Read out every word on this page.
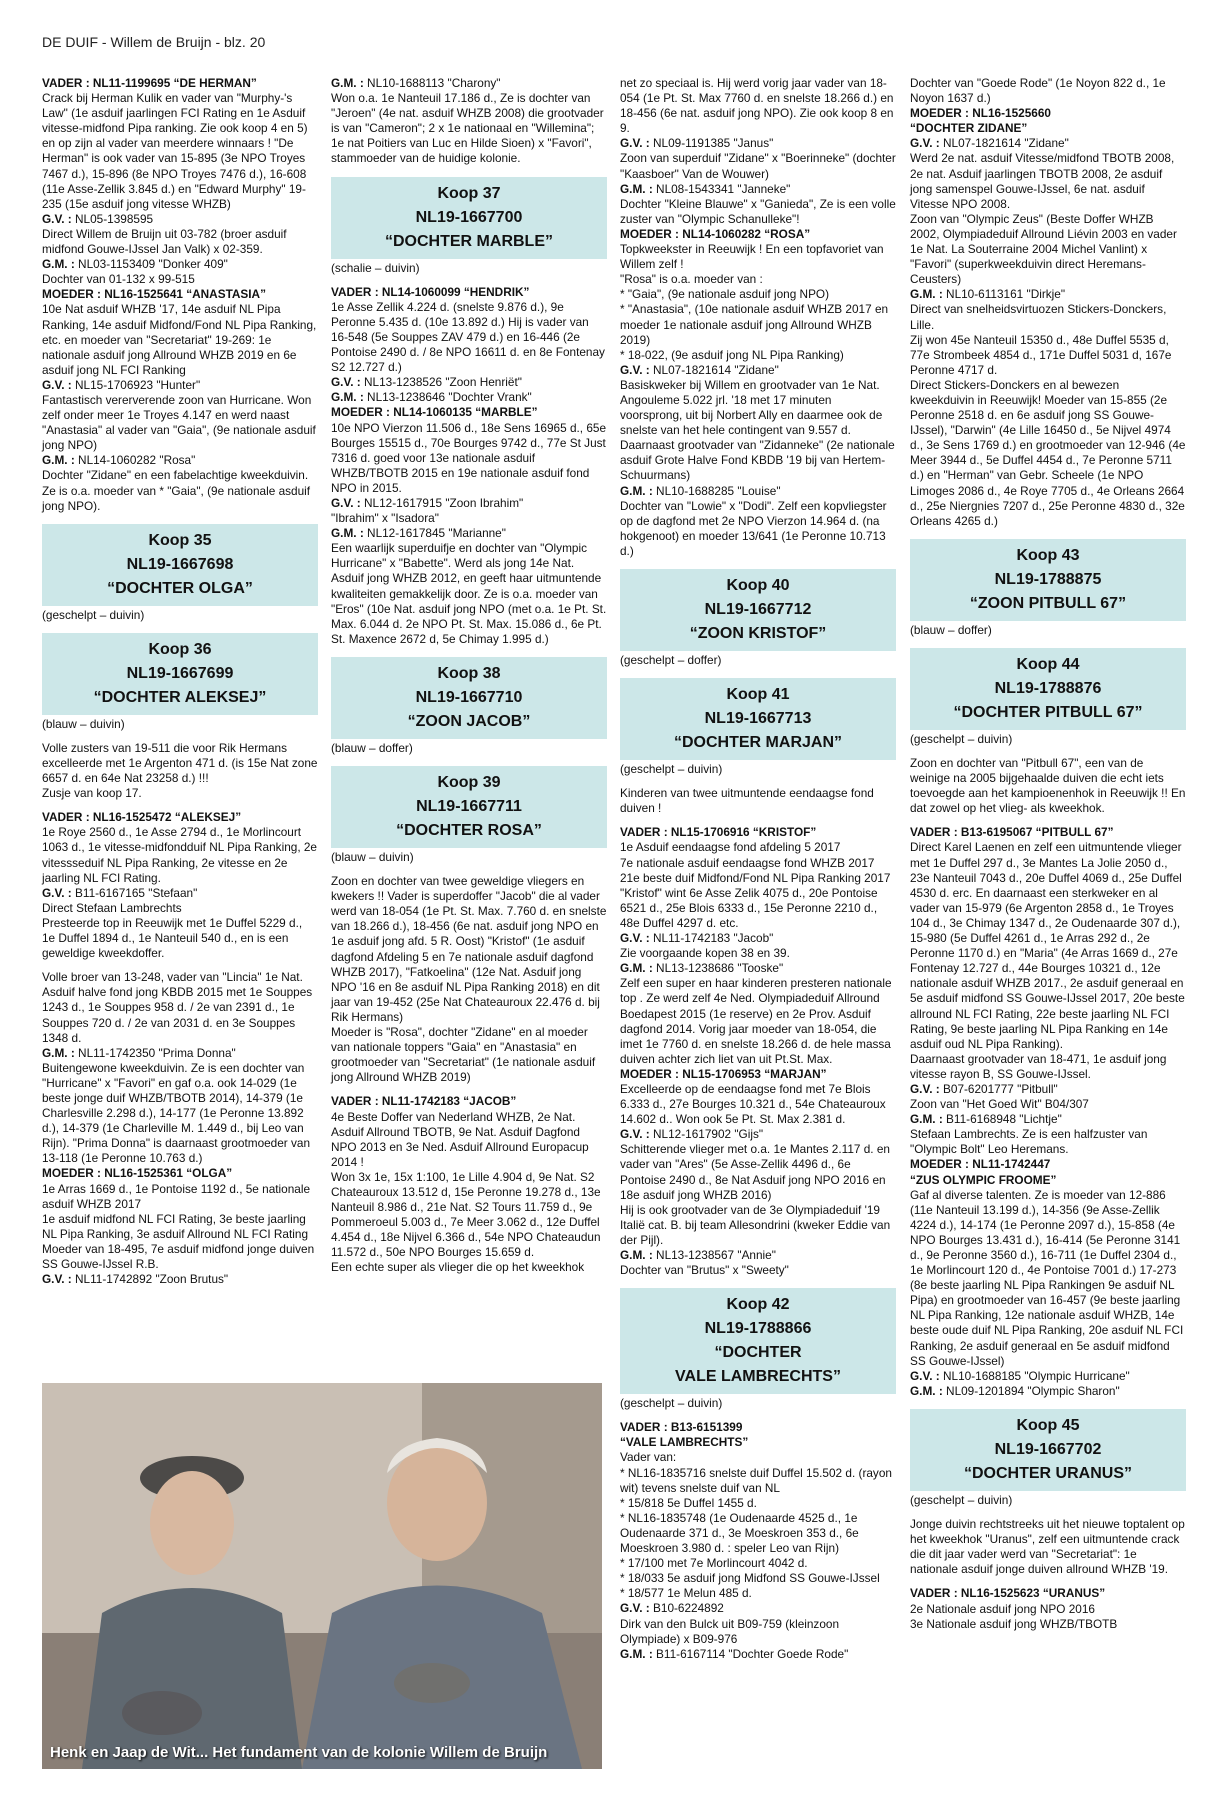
DE DUIF - Willem de Bruijn - blz. 20

VADER : NL11-1199695 “DE HERMAN”

Crack bij Herman Kulik en vader van "Murphy-'s Law" (1e asduif jaarlingen FCI Rating en 1e Asduif vitesse-midfond Pipa ranking. Zie ook koop 4 en 5) en op zijn al vader van meerdere winnaars ! "De Herman" is ook vader van 15-895 (3e NPO Troyes 7467 d.), 15-896 (8e NPO Troyes 7476 d.), 16-608 (11e Asse-Zellik 3.845 d.) en "Edward Murphy" 19-235 (15e asduif jong vitesse WHZB)

G.V. : NL05-1398595

Direct Willem de Bruijn uit 03-782 (broer asduif midfond Gouwe-IJssel Jan Valk) x 02-359.

G.M. : NL03-1153409 "Donker 409"

Dochter van 01-132 x 99-515

MOEDER : NL16-1525641 “ANASTASIA”

10e Nat asduif WHZB '17, 14e asduif NL Pipa Ranking, 14e asduif Midfond/Fond NL Pipa Ranking, etc. en moeder van "Secretariat" 19-269: 1e nationale asduif jong Allround WHZB 2019 en 6e asduif jong NL FCI Ranking

G.V. : NL15-1706923 "Hunter"

Fantastisch vererverende zoon van Hurricane. Won zelf onder meer 1e Troyes 4.147 en werd naast "Anastasia" al vader van "Gaia", (9e nationale asduif jong NPO)

G.M. : NL14-1060282 "Rosa"

Dochter "Zidane" en een fabelachtige kweekduivin. Ze is o.a. moeder van * "Gaia", (9e nationale asduif jong NPO).

Koop 35
NL19-1667698
“DOCHTER OLGA”

(geschelpt – duivin)

Koop 36
NL19-1667699
“DOCHTER ALEKSEJ”

(blauw – duivin)

Volle zusters van 19-511 die voor Rik Hermans excelleerde met 1e Argenton 471 d. (is 15e Nat zone 6657 d. en 64e Nat 23258 d.) !!!

Zusje van koop 17.

VADER : NL16-1525472 “ALEKSEJ”

1e Roye 2560 d., 1e Asse 2794 d., 1e Morlincourt 1063 d., 1e vitesse-midfondduif NL Pipa Ranking, 2e vitessseduif NL Pipa Ranking, 2e vitesse en 2e jaarling NL FCI Rating.

G.V. : B11-6167165 "Stefaan"

Direct Stefaan Lambrechts

Presteerde top in Reeuwijk met 1e Duffel 5229 d., 1e Duffel 1894 d., 1e Nanteuil 540 d., en is een geweldige kweekdoffer.

Volle broer van 13-248, vader van "Lincia" 1e Nat. Asduif halve fond jong KBDB 2015 met 1e Souppes 1243 d., 1e Souppes 958 d. / 2e van 2391 d., 1e Souppes 720 d. / 2e van 2031 d. en 3e Souppes 1348 d.

G.M. : NL11-1742350 "Prima Donna"

Buitengewone kweekduivin. Ze is een dochter van "Hurricane" x "Favori" en gaf o.a. ook 14-029 (1e beste jonge duif WHZB/TBOTB 2014), 14-379 (1e Charlesville 2.298 d.), 14-177 (1e Peronne 13.892 d.), 14-379 (1e Charleville M. 1.449 d., bij Leo van Rijn). "Prima Donna" is daarnaast grootmoeder van 13-118 (1e Peronne 10.763 d.)

MOEDER : NL16-1525361 “OLGA”

1e Arras 1669 d., 1e Pontoise 1192 d., 5e nationale asduif WHZB 2017

1e asduif midfond NL FCI Rating, 3e beste jaarling NL Pipa Ranking, 3e asduif Allround NL FCI Rating

Moeder van 18-495, 7e asduif midfond jonge duiven SS Gouwe-IJssel R.B.

G.V. : NL11-1742892 "Zoon Brutus"

G.M. : NL10-1688113 "Charony"

Won o.a. 1e Nanteuil 17.186 d., Ze is dochter van "Jeroen" (4e nat. asduif WHZB 2008) die grootvader is van "Cameron"; 2 x 1e nationaal en "Willemina"; 1e nat Poitiers van Luc en Hilde Sioen) x "Favori", stammoeder van de huidige kolonie.

Koop 37
NL19-1667700
“DOCHTER MARBLE”

(schalie – duivin)

VADER : NL14-1060099 “HENDRIK”

1e Asse Zellik 4.224 d. (snelste 9.876 d.), 9e Peronne 5.435 d. (10e 13.892 d.) Hij is vader van 16-548 (5e Souppes ZAV 479 d.) en 16-446 (2e Pontoise 2490 d. / 8e NPO 16611 d. en 8e Fontenay S2 12.727 d.)

G.V. : NL13-1238526 "Zoon Henriët"

G.M. : NL13-1238646 "Dochter Vrank"

MOEDER : NL14-1060135 “MARBLE”

10e NPO Vierzon 11.506 d., 18e Sens 16965 d., 65e Bourges 15515 d., 70e Bourges 9742 d., 77e St Just 7316 d. goed voor 13e nationale asduif WHZB/TBOTB 2015 en 19e nationale asduif fond NPO in 2015.

G.V. : NL12-1617915 "Zoon Ibrahim"

"Ibrahim" x "Isadora"

G.M. : NL12-1617845 "Marianne"

Een waarlijk superduifje en dochter van "Olympic Hurricane" x "Babette". Werd als jong 14e Nat. Asduif jong WHZB 2012, en geeft haar uitmuntende kwaliteiten gemakkelijk door. Ze is o.a. moeder van "Eros" (10e Nat. asduif jong NPO (met o.a. 1e Pt. St. Max. 6.044 d. 2e NPO Pt. St. Max. 15.086 d., 6e Pt. St. Maxence 2672 d, 5e Chimay 1.995 d.)

Koop 38
NL19-1667710
“ZOON JACOB”

(blauw – doffer)

Koop 39
NL19-1667711
“DOCHTER ROSA”

(blauw – duivin)

Zoon en dochter van twee geweldige vliegers en kwekers !! Vader is superdoffer "Jacob" die al vader werd van 18-054 (1e Pt. St. Max. 7.760 d. en snelste van 18.266 d.), 18-456 (6e nat. asduif jong NPO en 1e asduif jong afd. 5 R. Oost) "Kristof" (1e asduif dagfond Afdeling 5 en 7e nationale asduif dagfond WHZB 2017), "Fatkoelina" (12e Nat. Asduif jong NPO '16 en 8e asduif NL Pipa Ranking 2018) en dit jaar van 19-452 (25e Nat Chateauroux 22.476 d. bij Rik Hermans)

Moeder is "Rosa", dochter "Zidane" en al moeder van nationale toppers "Gaia" en "Anastasia" en grootmoeder van "Secretariat" (1e nationale asduif jong Allround WHZB 2019)

VADER : NL11-1742183 “JACOB”

4e Beste Doffer van Nederland WHZB, 2e Nat. Asduif Allround TBOTB, 9e Nat. Asduif Dagfond NPO 2013 en 3e Ned. Asduif Allround Europacup 2014 !

Won 3x 1e, 15x 1:100, 1e Lille 4.904 d, 9e Nat. S2 Chateauroux 13.512 d, 15e Peronne 19.278 d., 13e Nanteuil 8.986 d., 21e Nat. S2 Tours 11.759 d., 9e Pommeroeul 5.003 d., 7e Meer 3.062 d., 12e Duffel 4.454 d., 18e Nijvel 6.366 d., 54e NPO Chateaudun 11.572 d., 50e NPO Bourges 15.659 d.

Een echte super als vlieger die op het kweekhok

net zo speciaal is. Hij werd vorig jaar vader van 18-054 (1e Pt. St. Max 7760 d. en snelste 18.266 d.) en 18-456 (6e nat. asduif jong NPO). Zie ook koop 8 en 9.

G.V. : NL09-1191385 "Janus"

Zoon van superduif "Zidane" x "Boerinneke" (dochter "Kaasboer" Van de Wouwer)

G.M. : NL08-1543341 "Janneke"

Dochter "Kleine Blauwe" x "Ganieda", Ze is een volle zuster van "Olympic Schanulleke"!

MOEDER : NL14-1060282 “ROSA”

Topkweekster in Reeuwijk ! En een topfavoriet van Willem zelf !

"Rosa" is o.a. moeder van :

* "Gaia", (9e nationale asduif jong NPO)

* "Anastasia", (10e nationale asduif WHZB 2017 en moeder 1e nationale asduif jong Allround WHZB 2019)

* 18-022, (9e asduif jong NL Pipa Ranking)

G.V. : NL07-1821614 "Zidane"

Basiskweker bij Willem en grootvader van 1e Nat. Angouleme 5.022 jrl. '18 met 17 minuten voorsprong, uit bij Norbert Ally en daarmee ook de snelste van het hele contingent van 9.557 d. Daarnaast grootvader van "Zidanneke" (2e nationale asduif Grote Halve Fond KBDB '19 bij van Hertem-Schuurmans)

G.M. : NL10-1688285 "Louise"

Dochter van "Lowie" x "Dodi". Zelf een kopvliegster op de dagfond met 2e NPO Vierzon 14.964 d. (na hokgenoot) en moeder 13/641 (1e Peronne 10.713 d.)

Koop 40
NL19-1667712
“ZOON KRISTOF”

(geschelpt – doffer)

Koop 41
NL19-1667713
“DOCHTER MARJAN”

(geschelpt – duivin)

Kinderen van twee uitmuntende eendaagse fond duiven !

VADER : NL15-1706916 “KRISTOF”

1e Asduif eendaagse fond afdeling 5 2017

7e nationale asduif eendaagse fond WHZB 2017

21e beste duif Midfond/Fond NL Pipa Ranking 2017

"Kristof" wint 6e Asse Zelik 4075 d., 20e Pontoise 6521 d., 25e Blois 6333 d., 15e Peronne 2210 d., 48e Duffel 4297 d. etc.

G.V. : NL11-1742183 "Jacob"

Zie voorgaande kopen 38 en 39.

G.M. : NL13-1238686 "Tooske"

Zelf een super en haar kinderen presteren nationale top . Ze werd zelf 4e Ned. Olympiadeduif Allround Boedapest 2015 (1e reserve) en 2e Prov. Asduif dagfond 2014. Vorig jaar moeder van 18-054, die imet 1e 7760 d. en snelste 18.266 d. de hele massa duiven achter zich liet van uit Pt.St. Max.

MOEDER : NL15-1706953 “MARJAN”

Excelleerde op de eendaagse fond met 7e Blois 6.333 d., 27e Bourges 10.321 d., 54e Chateauroux 14.602 d.. Won ook 5e Pt. St. Max 2.381 d.

G.V. : NL12-1617902 "Gijs"

Schitterende vlieger met o.a. 1e Mantes 2.117 d. en vader van "Ares" (5e Asse-Zellik 4496 d., 6e Pontoise 2490 d., 8e Nat Asduif jong NPO 2016 en 18e asduif jong WHZB 2016)

Hij is ook grootvader van de 3e Olympiadeduif '19 Italië cat. B. bij team Allesondrini (kweker Eddie van der Pijl).

G.M. : NL13-1238567 "Annie"

Dochter van "Brutus" x "Sweety"

Koop 42
NL19-1788866
“DOCHTER
VALE LAMBRECHTS”

(geschelpt – duivin)

VADER : B13-6151399

“VALE LAMBRECHTS”

Vader van:

* NL16-1835716 snelste duif Duffel 15.502 d. (rayon wit) tevens snelste duif van NL

* 15/818 5e Duffel 1455 d.

* NL16-1835748 (1e Oudenaarde 4525 d., 1e Oudenaarde 371 d., 3e Moeskroen 353 d., 6e Moeskroen 3.980 d. : speler Leo van Rijn)

* 17/100 met 7e Morlincourt 4042 d.

* 18/033 5e asduif jong Midfond SS Gouwe-IJssel

* 18/577 1e Melun 485 d.

G.V. : B10-6224892

Dirk van den Bulck uit B09-759 (kleinzoon Olympiade) x B09-976

G.M. : B11-6167114 "Dochter Goede Rode"

Dochter van "Goede Rode" (1e Noyon 822 d., 1e Noyon 1637 d.)

MOEDER : NL16-1525660

“DOCHTER ZIDANE”

G.V. : NL07-1821614 "Zidane"

Werd 2e nat. asduif Vitesse/midfond TBOTB 2008, 2e nat. Asduif jaarlingen TBOTB 2008, 2e asduif jong samenspel Gouwe-IJssel, 6e nat. asduif Vitesse NPO 2008.

Zoon van "Olympic Zeus" (Beste Doffer WHZB 2002, Olympiadeduif Allround Liévin 2003 en vader 1e Nat. La Souterraine 2004 Michel Vanlint) x "Favori" (superkweekduivin direct Heremans-Ceusters)

G.M. : NL10-6113161 "Dirkje"

Direct van snelheidsvirtuozen Stickers-Donckers, Lille.

Zij won 45e Nanteuil 15350 d., 48e Duffel 5535 d, 77e Strombeek 4854 d., 171e Duffel 5031 d, 167e Peronne 4717 d.

Direct Stickers-Donckers en al bewezen kweekduivin in Reeuwijk! Moeder van 15-855 (2e Peronne 2518 d. en 6e asduif jong SS Gouwe-IJssel), "Darwin" (4e Lille 16450 d., 5e Nijvel 4974 d., 3e Sens 1769 d.) en grootmoeder van 12-946 (4e Meer 3944 d., 5e Duffel 4454 d., 7e Peronne 5711 d.) en "Herman" van Gebr. Scheele (1e NPO Limoges 2086 d., 4e Roye 7705 d., 4e Orleans 2664 d., 25e Niergnies 7207 d., 25e Peronne 4830 d., 32e Orleans 4265 d.)

Koop 43
NL19-1788875
“ZOON PITBULL 67”

(blauw – doffer)

Koop 44
NL19-1788876
“DOCHTER PITBULL 67”

(geschelpt – duivin)

Zoon en dochter van "Pitbull 67", een van de weinige na 2005 bijgehaalde duiven die echt iets toevoegde aan het kampioenenhok in Reeuwijk !! En dat zowel op het vlieg- als kweekhok.

VADER : B13-6195067 “PITBULL 67”

Direct Karel Laenen en zelf een uitmuntende vlieger met 1e Duffel 297 d., 3e Mantes La Jolie 2050 d., 23e Nanteuil 7043 d., 20e Duffel 4069 d., 25e Duffel 4530 d. erc. En daarnaast een sterkweker en al vader van 15-979 (6e Argenton 2858 d., 1e Troyes 104 d., 3e Chimay 1347 d., 2e Oudenaarde 307 d.), 15-980 (5e Duffel 4261 d., 1e Arras 292 d., 2e Peronne 1170 d.) en "Maria" (4e Arras 1669 d., 27e Fontenay 12.727 d., 44e Bourges 10321 d., 12e nationale asduif WHZB 2017., 2e asduif generaal en 5e asduif midfond SS Gouwe-IJssel 2017, 20e beste allround NL FCI Rating, 22e beste jaarling NL FCI Rating, 9e beste jaarling NL Pipa Ranking en 14e asduif oud NL Pipa Ranking).

Daarnaast grootvader van 18-471, 1e asduif jong vitesse rayon B, SS Gouwe-IJssel.

G.V. : B07-6201777 "Pitbull"

Zoon van "Het Goed Wit" B04/307

G.M. : B11-6168948 "Lichtje"

Stefaan Lambrechts. Ze is een halfzuster van "Olympic Bolt" Leo Heremans.

MOEDER : NL11-1742447

“ZUS OLYMPIC FROOME”

Gaf al diverse talenten. Ze is moeder van 12-886 (11e Nanteuil 13.199 d.), 14-356 (9e Asse-Zellik 4224 d.), 14-174 (1e Peronne 2097 d.), 15-858 (4e NPO Bourges 13.431 d.), 16-414 (5e Peronne 3141 d., 9e Peronne 3560 d.), 16-711 (1e Duffel 2304 d., 1e Morlincourt 120 d., 4e Pontoise 7001 d.) 17-273 (8e beste jaarling NL Pipa Rankingen 9e asduif NL Pipa) en grootmoeder van 16-457 (9e beste jaarling NL Pipa Ranking, 12e nationale asduif WHZB, 14e beste oude duif NL Pipa Ranking, 20e asduif NL FCI Ranking, 2e asduif generaal en 5e asduif midfond SS Gouwe-IJssel)

G.V. : NL10-1688185 "Olympic Hurricane"

G.M. : NL09-1201894 "Olympic Sharon"

Koop 45
NL19-1667702
“DOCHTER URANUS”

(geschelpt – duivin)

Jonge duivin rechtstreeks uit het nieuwe toptalent op het kweekhok "Uranus", zelf een uitmuntende crack die dit jaar vader werd van "Secretariat": 1e nationale asduif jonge duiven allround WHZB '19.

VADER : NL16-1525623 “URANUS”

2e Nationale asduif jong NPO 2016

3e Nationale asduif jong WHZB/TBOTB

Henk en Jaap de Wit... Het fundament van de kolonie Willem de Bruijn
